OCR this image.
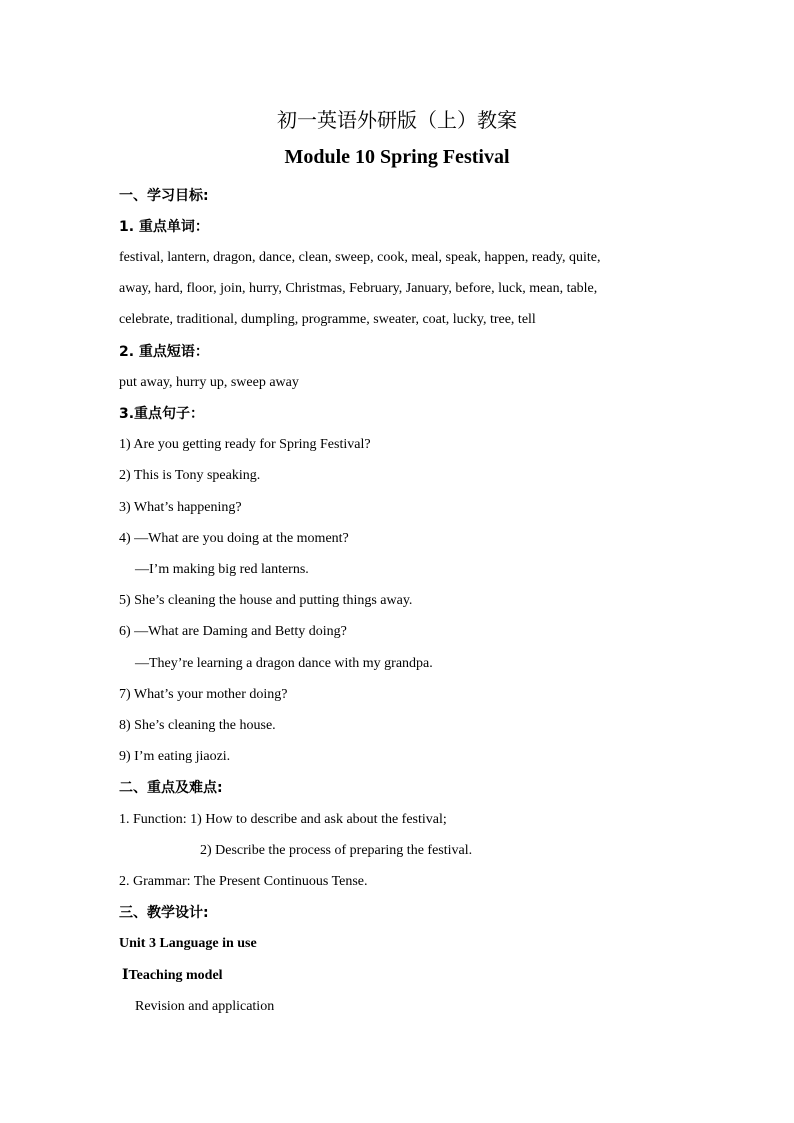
初一英语外研版（上）教案
Module 10 Spring Festival
一、学习目标:
1. 重点单词：
festival, lantern, dragon, dance, clean, sweep, cook, meal, speak, happen, ready, quite,
away, hard, floor, join, hurry, Christmas, February, January, before, luck, mean, table,
celebrate, traditional, dumpling, programme, sweater, coat, lucky, tree, tell
2. 重点短语：
put away, hurry up, sweep away
3.重点句子：
1) Are you getting ready for Spring Festival?
2) This is Tony speaking.
3) What’s happening?
4) —What are you doing at the moment?
—I’m making big red lanterns.
5) She’s cleaning the house and putting things away.
6) —What are Daming and Betty doing?
—They’re learning a dragon dance with my grandpa.
7) What’s your mother doing?
8) She’s cleaning the house.
9) I’m eating jiaozi.
二、重点及难点:
1. Function: 1) How to describe and ask about the festival;
2) Describe the process of preparing the festival.
2. Grammar: The Present Continuous Tense.
三、教学设计:
Unit 3 Language in use
ⅠTeaching model
Revision and application
